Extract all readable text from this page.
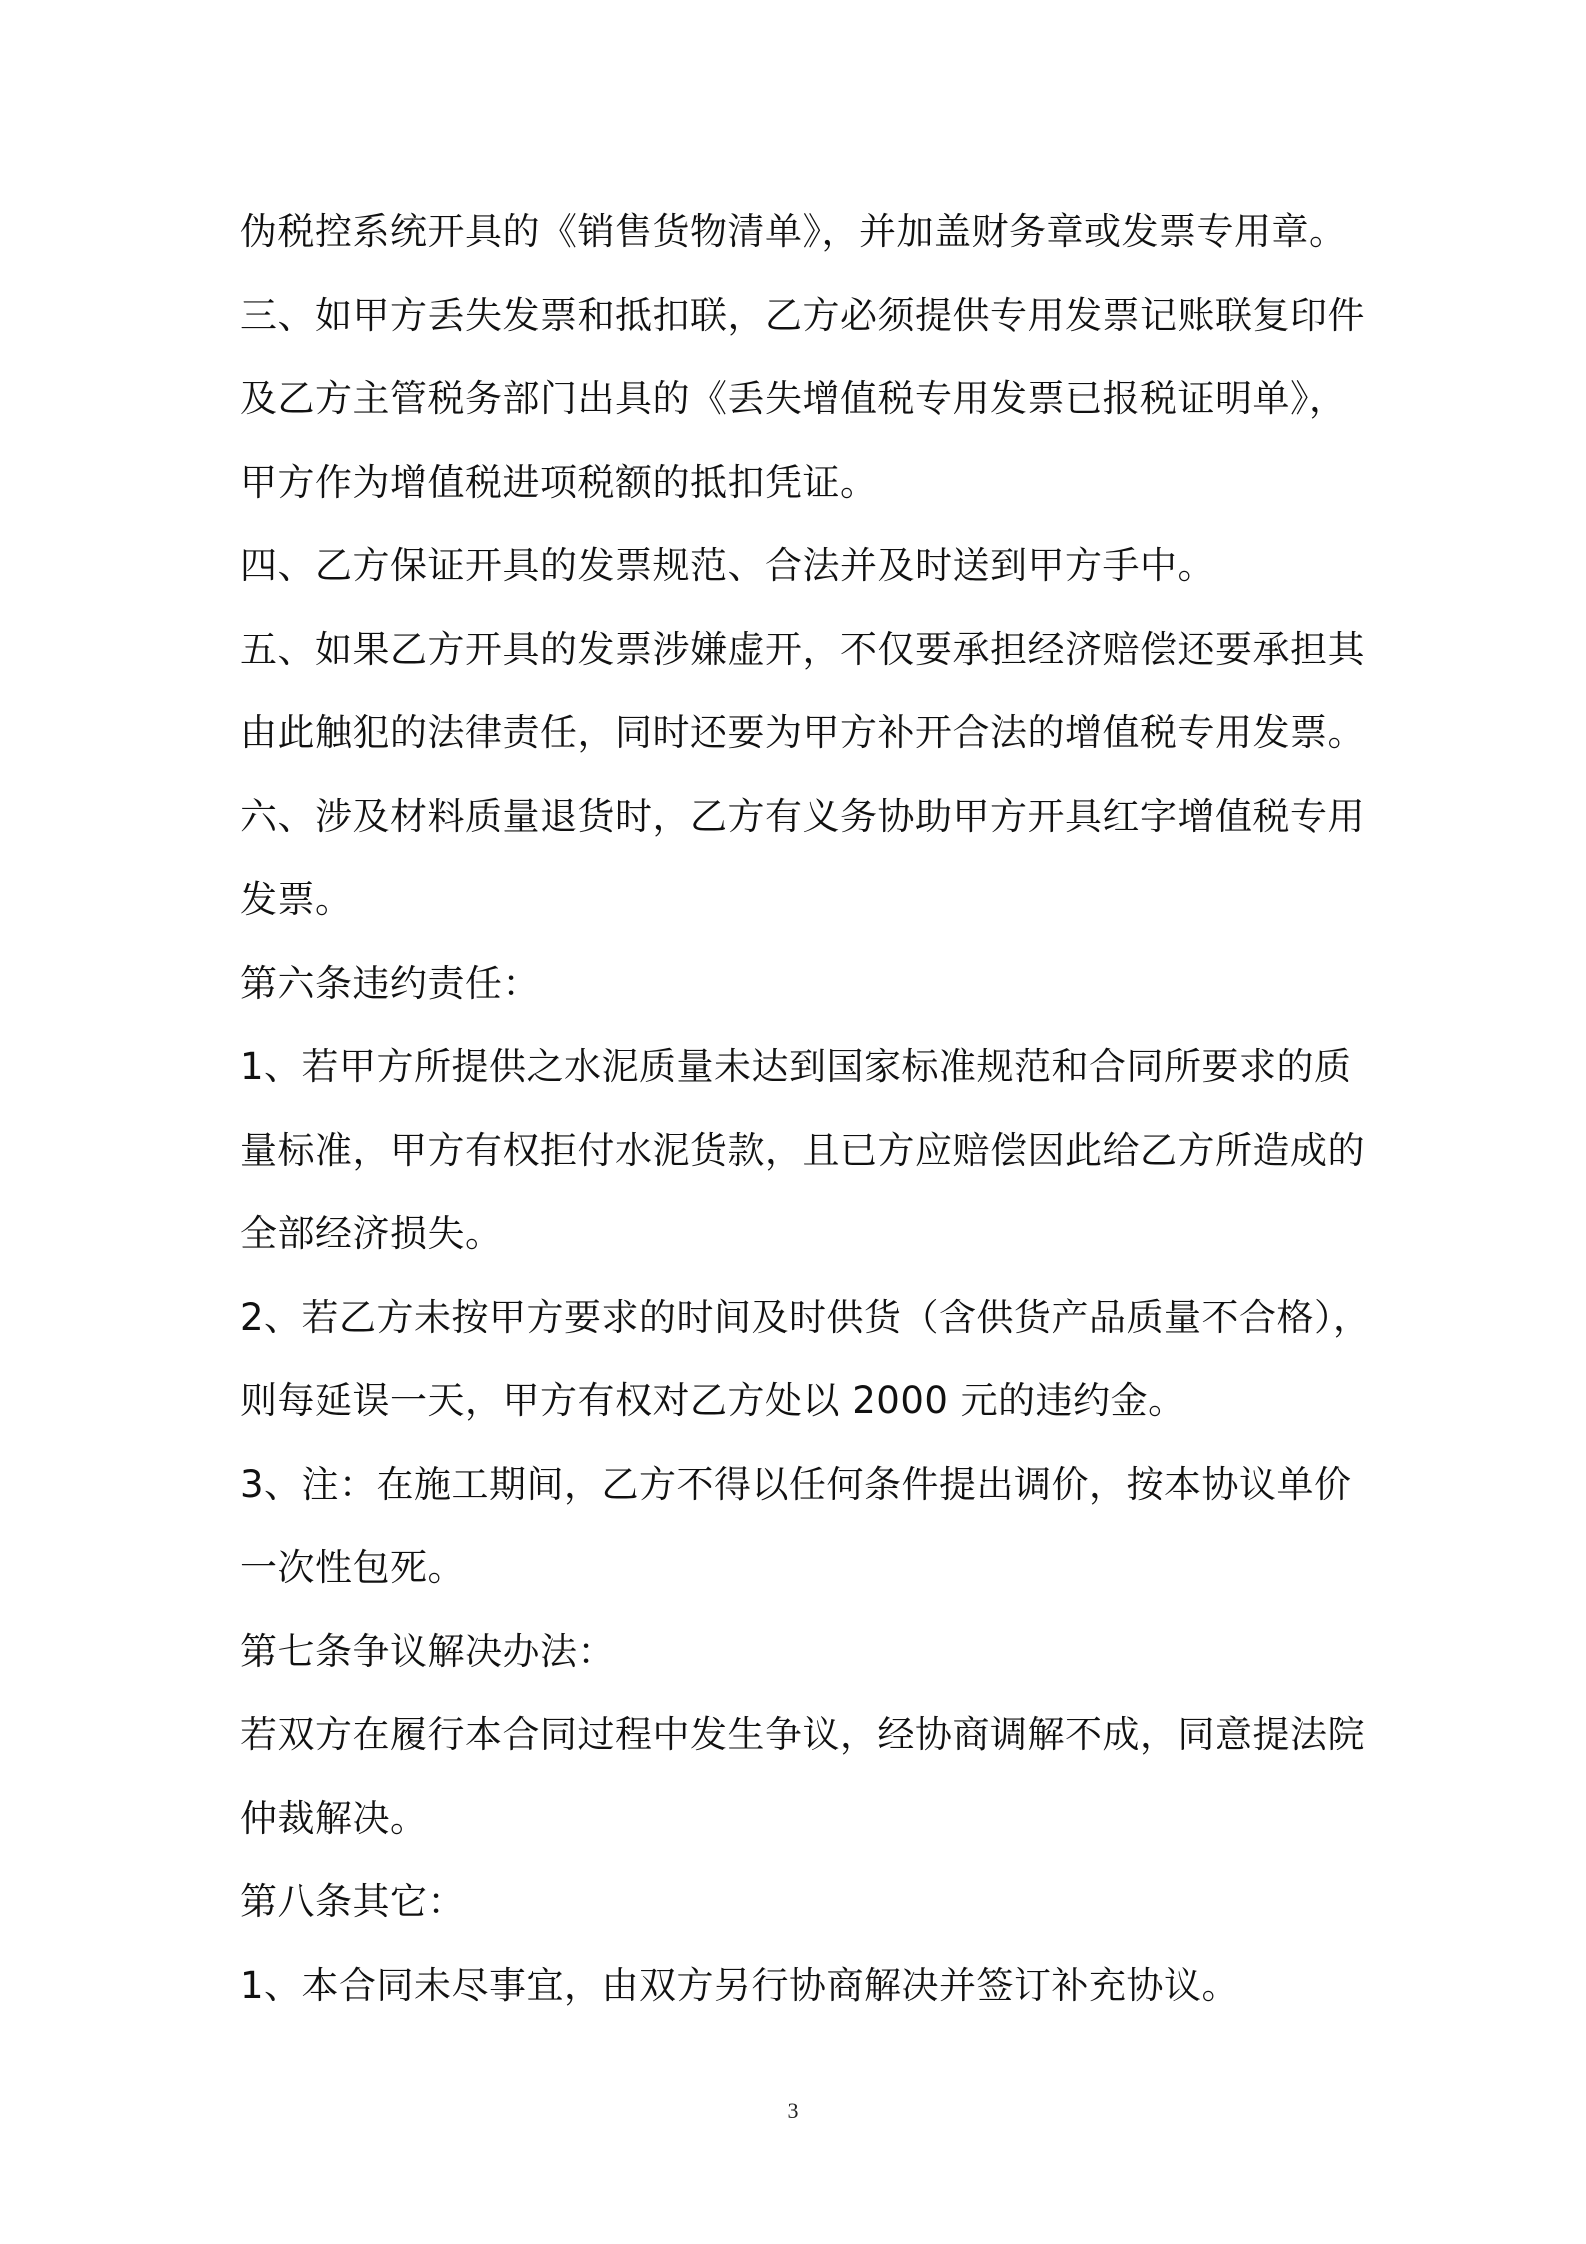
伪税控系统开具的《销售货物清单》，并加盖财务章或发票专用章。
三、如甲方丢失发票和抵扣联，乙方必须提供专用发票记账联复印件
及乙方主管税务部门出具的《丢失增值税专用发票已报税证明单》，
甲方作为增值税进项税额的抵扣凭证。
四、乙方保证开具的发票规范、合法并及时送到甲方手中。
五、如果乙方开具的发票涉嫌虚开，不仅要承担经济赔偿还要承担其
由此触犯的法律责任，同时还要为甲方补开合法的增值税专用发票。
六、涉及材料质量退货时，乙方有义务协助甲方开具红字增值税专用
发票。
第六条违约责任：
1、若甲方所提供之水泥质量未达到国家标准规范和合同所要求的质
量标准，甲方有权拒付水泥货款，且已方应赔偿因此给乙方所造成的
全部经济损失。
2、若乙方未按甲方要求的时间及时供货（含供货产品质量不合格），
则每延误一天，甲方有权对乙方处以 2000 元的违约金。
3、注：在施工期间，乙方不得以任何条件提出调价，按本协议单价
一次性包死。
第七条争议解决办法：
若双方在履行本合同过程中发生争议，经协商调解不成，同意提法院
仲裁解决。
第八条其它：
1、本合同未尽事宜，由双方另行协商解决并签订补充协议。
3
